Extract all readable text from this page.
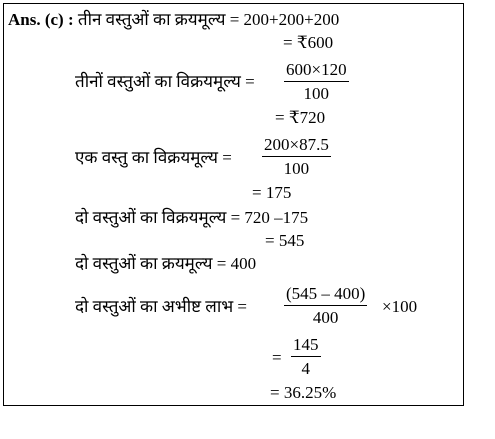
Ans. (c) : तीन वस्तुओं का क्रयमूल्य = 200+200+200
= ₹600
तीनों वस्तुओं का विक्रयमूल्य =
600×120
100
= ₹720
एक वस्तु का विक्रयमूल्य =
200×87.5
100
= 175
दो वस्तुओं का विक्रयमूल्य = 720 –175
= 545
दो वस्तुओं का क्रयमूल्य = 400
दो वस्तुओं का अभीष्ट लाभ =
(545 – 400)
400
×100
=
145
4
= 36.25%
